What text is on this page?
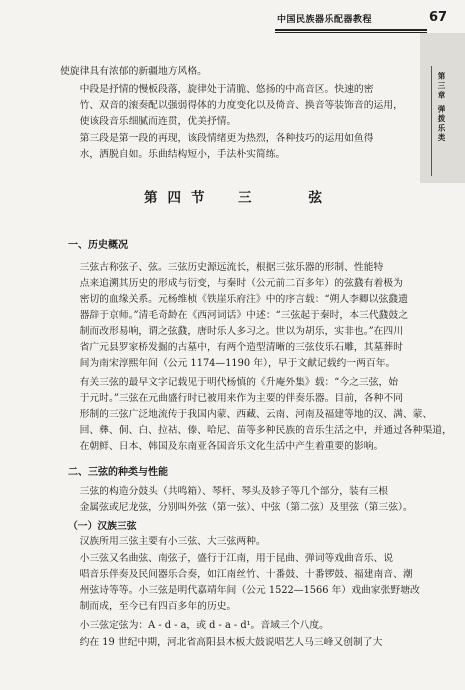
中国民族器乐配器教程	67
第三章 弹拨乐类

使旋律具有浓郁的新疆地方风格。

中段是抒情的慢板段落，旋律处于清脆、悠扬的中高音区。快速的密
竹、双音的滚奏配以强弱得体的力度变化以及倚音、换音等装饰音的运用，
使该段音乐细腻而连贯，优美抒情。

第三段是第一段的再现，该段情绪更为热烈，各种技巧的运用如鱼得
水，洒脱自如。乐曲结构短小，手法朴实简练。

第四节　三　　弦
一、历史概况

三弦古称弦子、弦。三弦历史源远流长，根据三弦乐器的形制、性能特
点来追溯其历史的形成与衍变，与秦时（公元前二百多年）的弦鼗有着极为
密切的血缘关系。元杨维桢《铁崖乐府注》中的序言载：“朔人李卿以弦鼗遗
器辞于京师。”清毛奇龄在《西河词话》中述：“三弦起于秦时，本三代鼗鼓之
制而改形易响，谓之弦鼗，唐时乐人多习之。世以为胡乐，实非也。”在四川
省广元县罗家桥发掘的古墓中，有两个造型清晰的三弦伎乐石雕，其墓葬时
间为南宋淳熙年间（公元 1174—1190 年），早于文献记载约一两百年。

有关三弦的最早文字记载见于明代杨慎的《升庵外集》载：“今之三弦，始
于元时。”三弦在元曲盛行时已被用来作为主要的伴奏乐器。目前，各种不同
形制的三弦广泛地流传于我国内蒙、西藏、云南、河南及福建等地的汉、满、蒙、
回、彝、侗、白、拉祜、傣、哈尼、苗等多种民族的音乐生活之中，并通过各种渠道，
在朝鲜、日本、韩国及东南亚各国音乐文化生活中产生着重要的影响。

二、三弦的种类与性能

三弦的构造分鼓头（共鸣箱）、琴杆、琴头及轸子等几个部分，装有三根
金属弦或尼龙弦，分别叫外弦（第一弦）、中弦（第二弦）及里弦（第三弦）。

（一）汉族三弦

汉族所用三弦主要有小三弦、大三弦两种。

小三弦又名曲弦、南弦子，盛行于江南，用于昆曲、弹词等戏曲音乐、说
唱音乐伴奏及民间器乐合奏，如江南丝竹、十番鼓、十番锣鼓、福建南音、潮
州弦诗等等。小三弦是明代嘉靖年间（公元 1522—1566 年）戏曲家张野塘改
制而成，至今已有四百多年的历史。

小三弦定弦为：A - d - a，或 d - a - d¹。音域三个八度。

约在 19 世纪中期，河北省高阳县木板大鼓说唱艺人马三峰又创制了大
